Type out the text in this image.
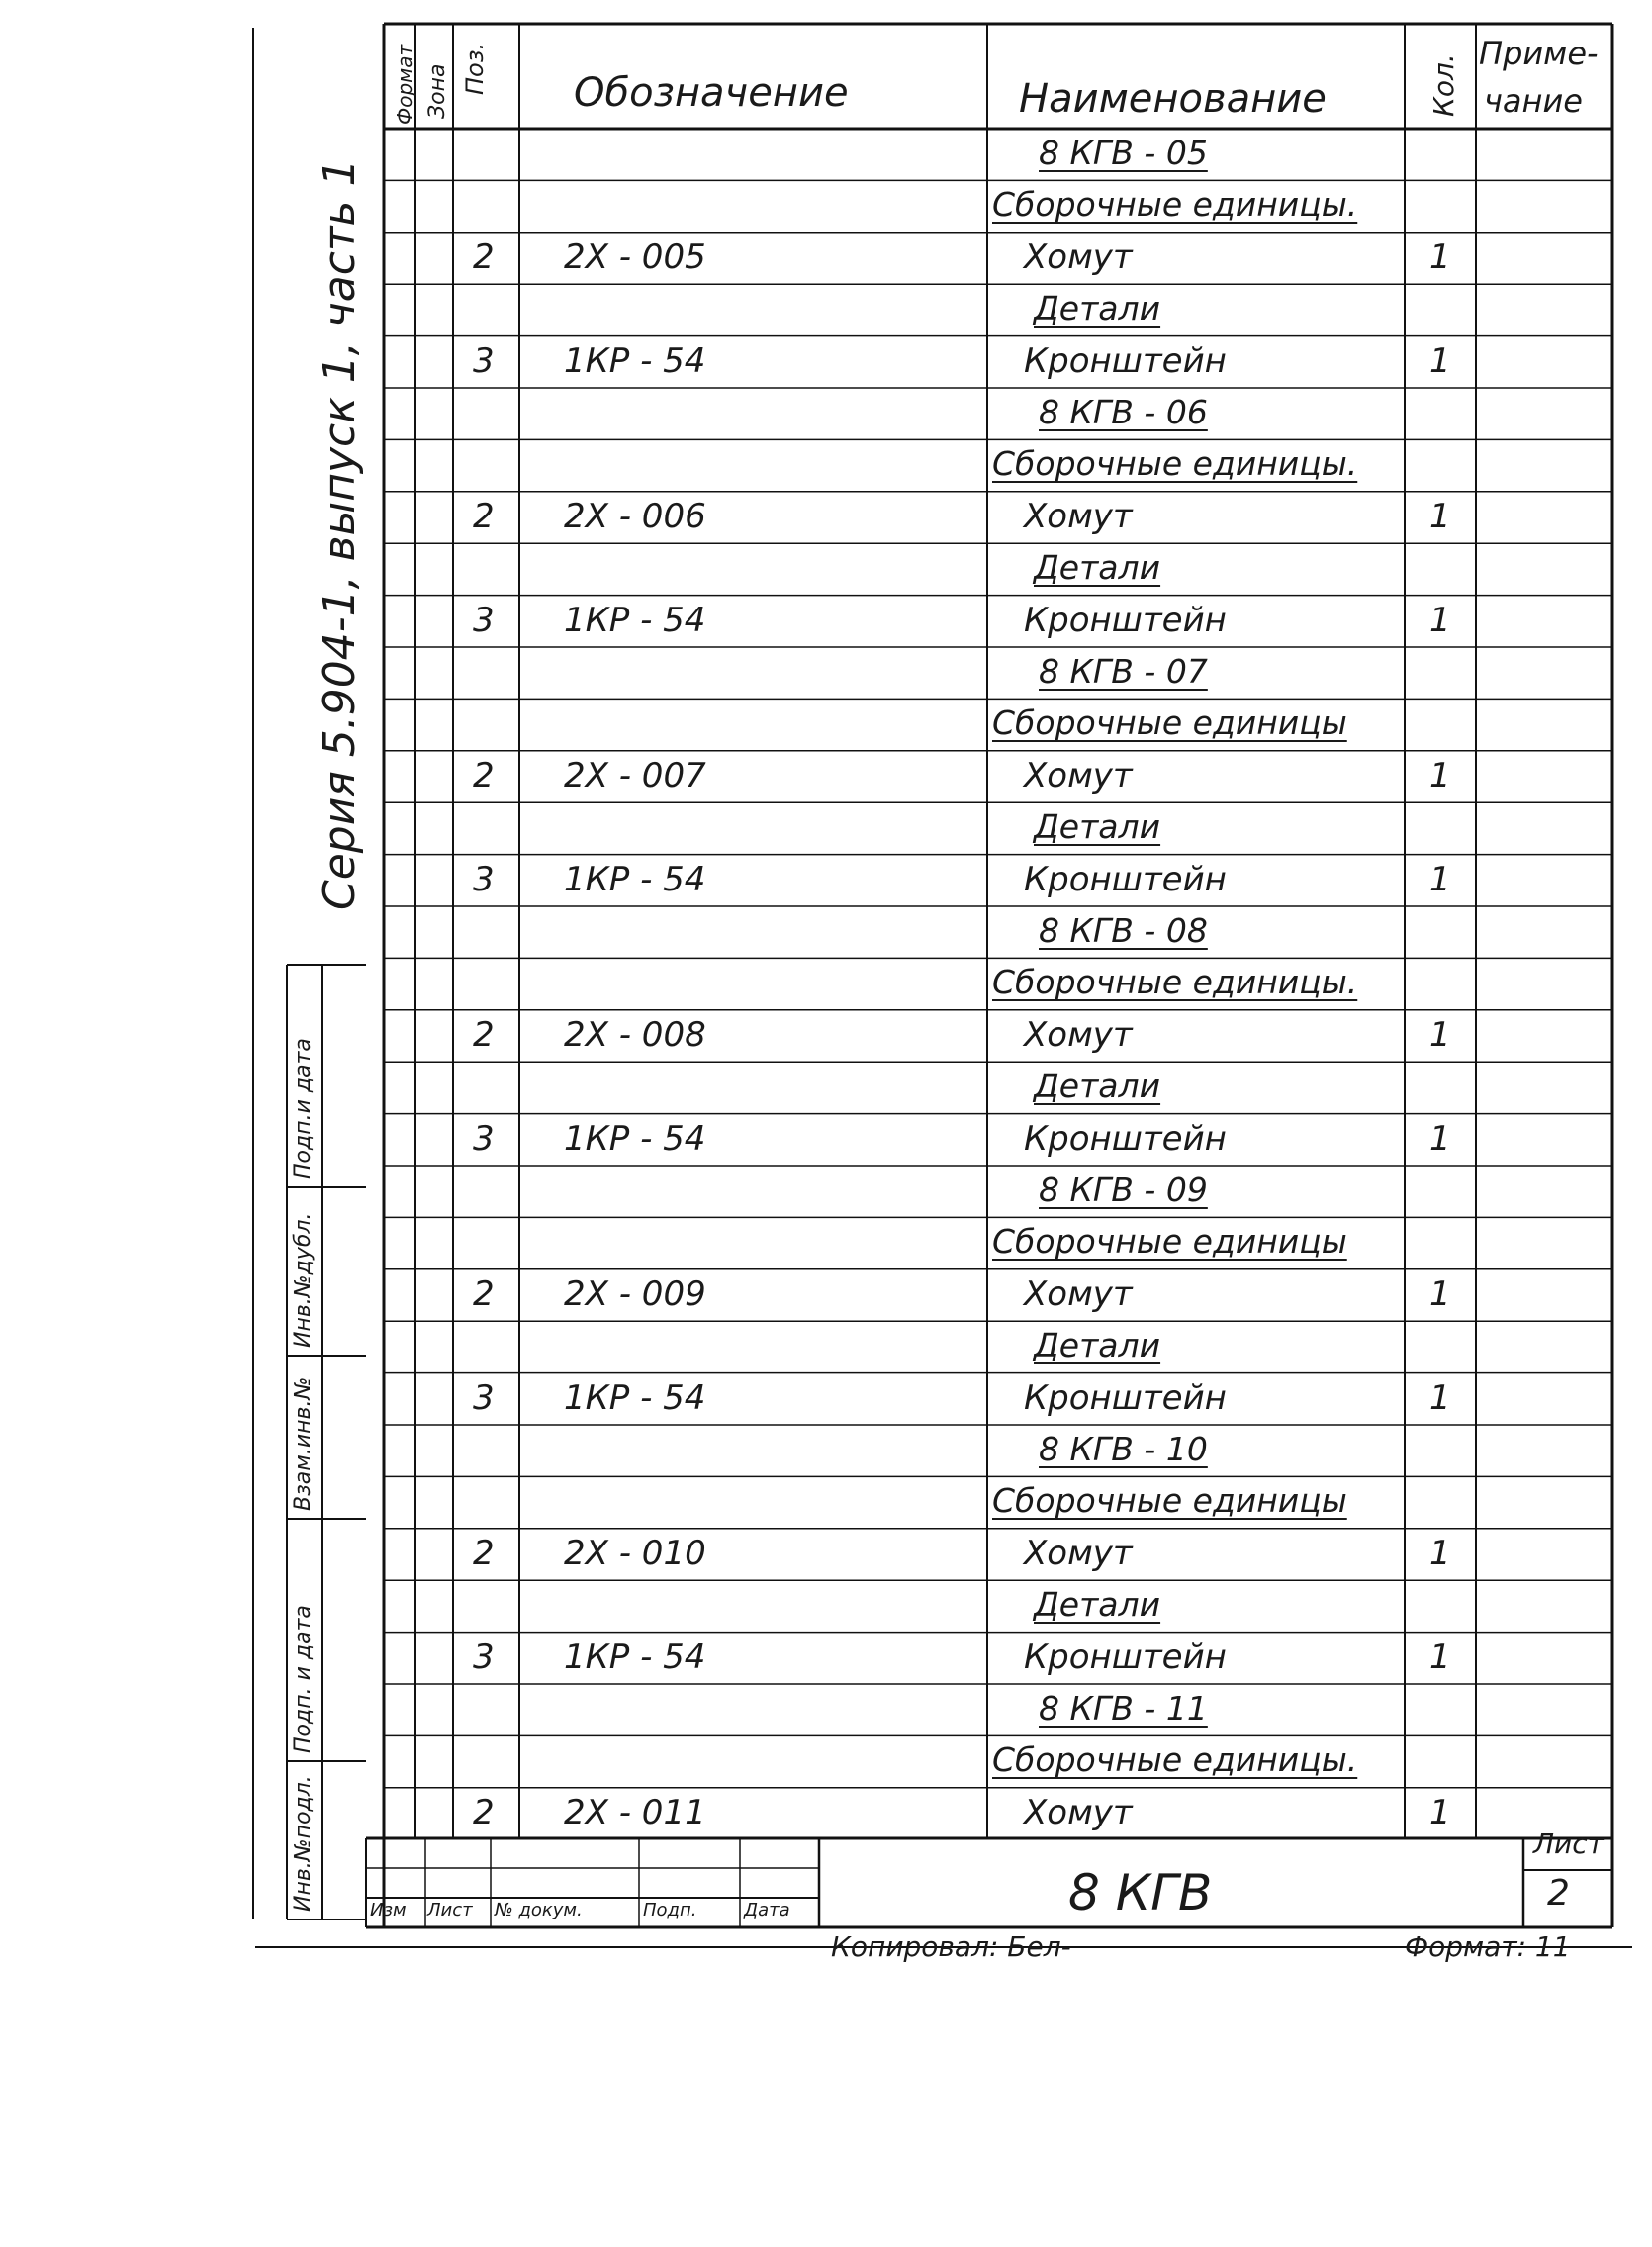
Серия 5.904-1, выпуск 1, часть 1
Формат Зона Поз. Обозначение	Наименование	Кол.
Приме-
чание
8 КГВ - 05
Сборочные единицы.
2 2Х - 005	Хомут	1
Детали
3 1КР - 54	Кронштейн	1
8 КГВ - 06
Сборочные единицы.
2 2Х - 006	Хомут	1
Детали
3 1КР - 54	Кронштейн	1
8 КГВ - 07
Сборочные единицы
2 2Х - 007	Хомут	1
Детали
3 1КР - 54	Кронштейн	1
8 КГВ - 08
Сборочные единицы.
2 2Х - 008	Хомут	1
Детали
3 1КР - 54	Кронштейн	1
8 КГВ - 09
Сборочные единицы
2 2Х - 009	Хомут	1
Детали
3 1КР - 54	Кронштейн	1
8 КГВ - 10
Сборочные единицы
2 2Х - 010	Хомут	1
Детали
3 1КР - 54	Кронштейн	1
8 КГВ - 11
Сборочные единицы.
2 2Х - 011	Хомут	1
Инв.№подл.
Подп. и дата
Взам.инв.№
Инв.№дубл.
Подп.и дата
8 КГВ
Лист
2
Изм Лист № докум.	Подп.	Дата
Копировал: Бел-	Формат: 11
